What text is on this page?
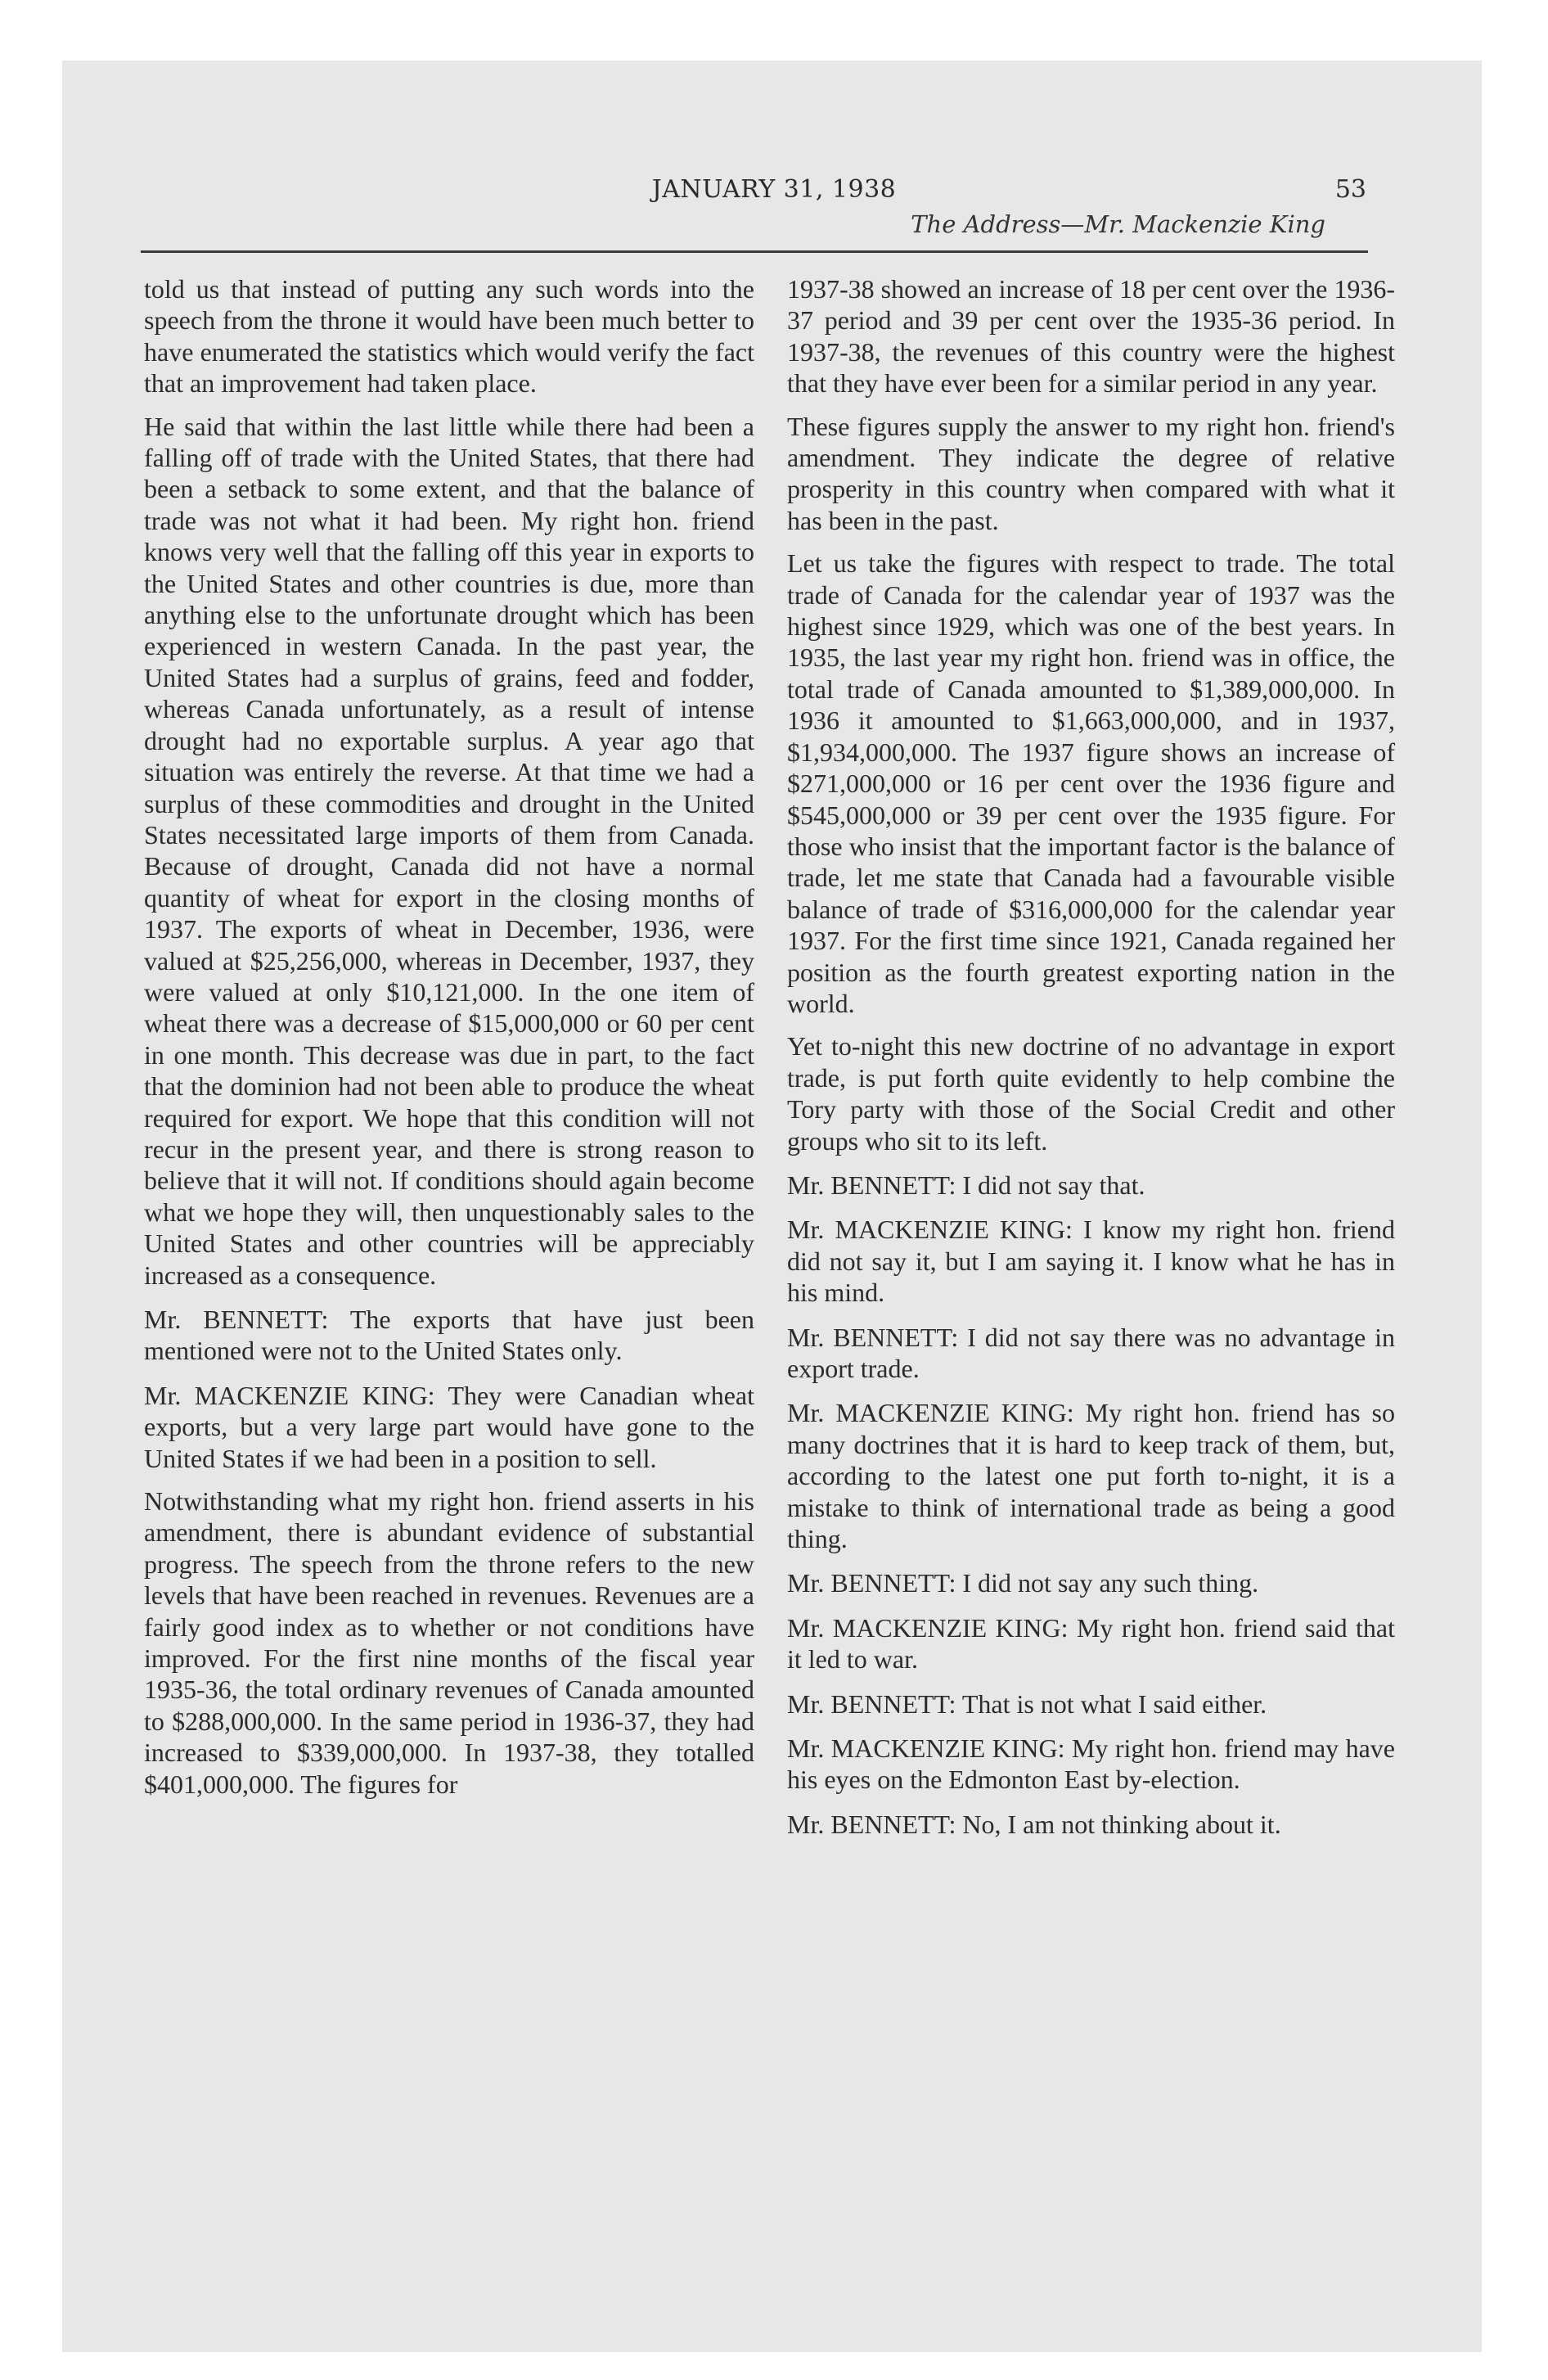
JANUARY 31, 1938	53
The Address—Mr. Mackenzie King

told us that instead of putting any such words into the speech from the throne it would have been much better to have enumerated the statistics which would verify the fact that an improvement had taken place.

He said that within the last little while there had been a falling off of trade with the United States, that there had been a setback to some extent, and that the balance of trade was not what it had been. My right hon. friend knows very well that the falling off this year in exports to the United States and other countries is due, more than anything else to the unfortunate drought which has been experienced in western Canada. In the past year, the United States had a surplus of grains, feed and fodder, whereas Canada unfortunately, as a result of intense drought had no exportable surplus. A year ago that situation was entirely the reverse. At that time we had a surplus of these commodities and drought in the United States necessitated large imports of them from Canada. Because of drought, Canada did not have a normal quantity of wheat for export in the closing months of 1937. The exports of wheat in December, 1936, were valued at $25,256,000, whereas in December, 1937, they were valued at only $10,121,000. In the one item of wheat there was a decrease of $15,000,000 or 60 per cent in one month. This decrease was due in part, to the fact that the dominion had not been able to produce the wheat required for export. We hope that this condition will not recur in the present year, and there is strong reason to believe that it will not. If conditions should again become what we hope they will, then unquestionably sales to the United States and other countries will be appreciably increased as a consequence.

Mr. BENNETT: The exports that have just been mentioned were not to the United States only.

Mr. MACKENZIE KING: They were Canadian wheat exports, but a very large part would have gone to the United States if we had been in a position to sell.

Notwithstanding what my right hon. friend asserts in his amendment, there is abundant evidence of substantial progress. The speech from the throne refers to the new levels that have been reached in revenues. Revenues are a fairly good index as to whether or not conditions have improved. For the first nine months of the fiscal year 1935-36, the total ordinary revenues of Canada amounted to $288,000,000. In the same period in 1936-37, they had increased to $339,000,000. In 1937-38, they totalled $401,000,000. The figures for

1937-38 showed an increase of 18 per cent over the 1936-37 period and 39 per cent over the 1935-36 period. In 1937-38, the revenues of this country were the highest that they have ever been for a similar period in any year.

These figures supply the answer to my right hon. friend's amendment. They indicate the degree of relative prosperity in this country when compared with what it has been in the past.

Let us take the figures with respect to trade. The total trade of Canada for the calendar year of 1937 was the highest since 1929, which was one of the best years. In 1935, the last year my right hon. friend was in office, the total trade of Canada amounted to $1,389,000,000. In 1936 it amounted to $1,663,000,000, and in 1937, $1,934,000,000. The 1937 figure shows an increase of $271,000,000 or 16 per cent over the 1936 figure and $545,000,000 or 39 per cent over the 1935 figure. For those who insist that the important factor is the balance of trade, let me state that Canada had a favourable visible balance of trade of $316,000,000 for the calendar year 1937. For the first time since 1921, Canada regained her position as the fourth greatest exporting nation in the world.

Yet to-night this new doctrine of no advantage in export trade, is put forth quite evidently to help combine the Tory party with those of the Social Credit and other groups who sit to its left.

Mr. BENNETT: I did not say that.

Mr. MACKENZIE KING: I know my right hon. friend did not say it, but I am saying it. I know what he has in his mind.

Mr. BENNETT: I did not say there was no advantage in export trade.

Mr. MACKENZIE KING: My right hon. friend has so many doctrines that it is hard to keep track of them, but, according to the latest one put forth to-night, it is a mistake to think of international trade as being a good thing.

Mr. BENNETT: I did not say any such thing.

Mr. MACKENZIE KING: My right hon. friend said that it led to war.

Mr. BENNETT: That is not what I said either.

Mr. MACKENZIE KING: My right hon. friend may have his eyes on the Edmonton East by-election.

Mr. BENNETT: No, I am not thinking about it.
